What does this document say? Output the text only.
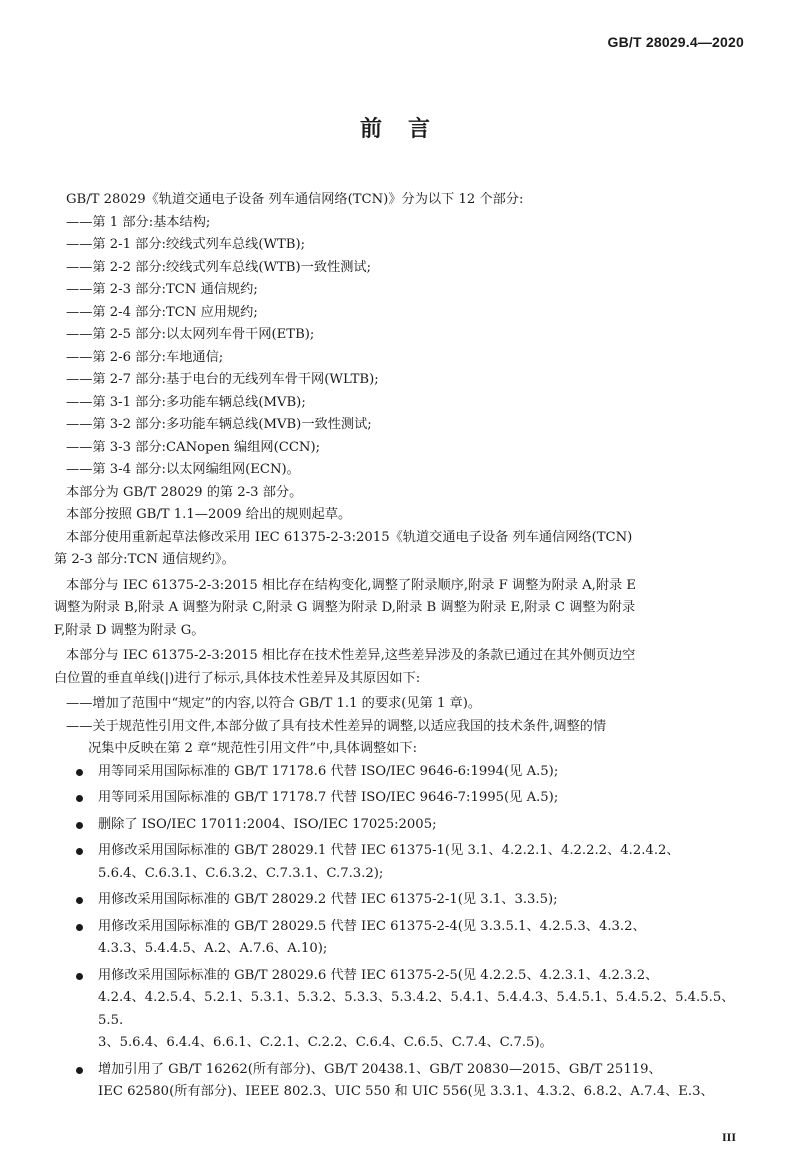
GB/T 28029.4—2020
前言

GB/T 28029《轨道交通电子设备 列车通信网络(TCN)》分为以下 12 个部分:

——第 1 部分:基本结构;
——第 2-1 部分:绞线式列车总线(WTB);
——第 2-2 部分:绞线式列车总线(WTB)一致性测试;
——第 2-3 部分:TCN 通信规约;
——第 2-4 部分:TCN 应用规约;
——第 2-5 部分:以太网列车骨干网(ETB);
——第 2-6 部分:车地通信;
——第 2-7 部分:基于电台的无线列车骨干网(WLTB);
——第 3-1 部分:多功能车辆总线(MVB);
——第 3-2 部分:多功能车辆总线(MVB)一致性测试;
——第 3-3 部分:CANopen 编组网(CCN);
——第 3-4 部分:以太网编组网(ECN)。

本部分为 GB/T 28029 的第 2-3 部分。

本部分按照 GB/T 1.1—2009 给出的规则起草。

本部分使用重新起草法修改采用 IEC 61375-2-3:2015《轨道交通电子设备 列车通信网络(TCN)
第 2-3 部分:TCN 通信规约》。
本部分与 IEC 61375-2-3:2015 相比存在结构变化,调整了附录顺序,附录 F 调整为附录 A,附录 E
调整为附录 B,附录 A 调整为附录 C,附录 G 调整为附录 D,附录 B 调整为附录 E,附录 C 调整为附录
F,附录 D 调整为附录 G。
本部分与 IEC 61375-2-3:2015 相比存在技术性差异,这些差异涉及的条款已通过在其外侧页边空
白位置的垂直单线(|)进行了标示,具体技术性差异及其原因如下:
——增加了范围中“规定”的内容,以符合 GB/T 1.1 的要求(见第 1 章)。
——关于规范性引用文件,本部分做了具有技术性差异的调整,以适应我国的技术条件,调整的情
况集中反映在第 2 章“规范性引用文件”中,具体调整如下:
用等同采用国际标准的 GB/T 17178.6 代替 ISO/IEC 9646-6:1994(见 A.5);
用等同采用国际标准的 GB/T 17178.7 代替 ISO/IEC 9646-7:1995(见 A.5);
删除了 ISO/IEC 17011:2004、ISO/IEC 17025:2005;
用修改采用国际标准的 GB/T 28029.1 代替 IEC 61375-1(见 3.1、4.2.2.1、4.2.2.2、4.2.4.2、
5.6.4、C.6.3.1、C.6.3.2、C.7.3.1、C.7.3.2);
用修改采用国际标准的 GB/T 28029.2 代替 IEC 61375-2-1(见 3.1、3.3.5);
用修改采用国际标准的 GB/T 28029.5 代替 IEC 61375-2-4(见 3.3.5.1、4.2.5.3、4.3.2、
4.3.3、5.4.4.5、A.2、A.7.6、A.10);
用修改采用国际标准的 GB/T 28029.6 代替 IEC 61375-2-5(见 4.2.2.5、4.2.3.1、4.2.3.2、
4.2.4、4.2.5.4、5.2.1、5.3.1、5.3.2、5.3.3、5.3.4.2、5.4.1、5.4.4.3、5.4.5.1、5.4.5.2、5.4.5.5、5.5.
3、5.6.4、6.4.4、6.6.1、C.2.1、C.2.2、C.6.4、C.6.5、C.7.4、C.7.5)。
增加引用了 GB/T 16262(所有部分)、GB/T 20438.1、GB/T 20830—2015、GB/T 25119、
IEC 62580(所有部分)、IEEE 802.3、UIC 550 和 UIC 556(见 3.3.1、4.3.2、6.8.2、A.7.4、E.3、
III
